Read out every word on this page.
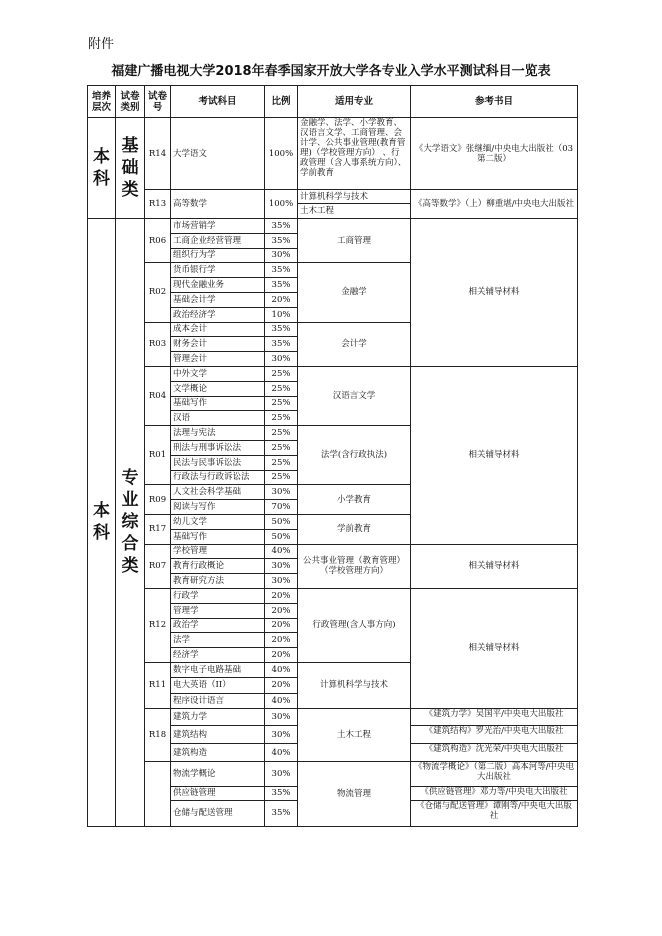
附件
福建广播电视大学2018年春季国家开放大学各专业入学水平测试科目一览表
培养层次	试卷类别	试卷号	考试科目	比例	适用专业	参考书目
本科	基础类	R14	大学语文	100%	金融学、法学、小学教育、汉语言文学、工商管理、会计学、公共事业管理(教育管理)（学校管理方向） 、行政管理（含人事系统方向）、学前教育	《大学语文》张继缅/中央电大出版社（03第二版）
		R13	高等数学	100%	计算机科学与技术	《高等数学》（上）柳重堪/中央电大出版社
					土木工程	
本科	专业综合类	R06	市场营销学	35%	工商管理	相关辅导材料
			工商企业经营管理	35%		
			组织行为学	30%		
		R02	货币银行学	35%	金融学	
			现代金融业务	35%		
			基础会计学	20%		
			政治经济学	10%		
		R03	成本会计	35%	会计学	
			财务会计	35%		
			管理会计	30%		
		R04	中外文学	25%	汉语言文学	相关辅导材料
			文学概论	25%		
			基础写作	25%		
			汉语	25%		
		R01	法理与宪法	25%	法学(含行政执法)	
			刑法与刑事诉讼法	25%		
			民法与民事诉讼法	25%		
			行政法与行政诉讼法	25%		
		R09	人文社会科学基础	30%	小学教育	
			阅读与写作	70%		
		R17	幼儿文学	50%	学前教育	
			基础写作	50%		
		R07	学校管理	40%	公共事业管理（教育管理）（学校管理方向）	相关辅导材料
			教育行政概论	30%		
			教育研究方法	30%		
		R12	行政学	20%	行政管理(含人事方向)	相关辅导材料
			管理学	20%		
			政治学	20%		
			法学	20%		
			经济学	20%		
		R11	数字电子电路基础	40%	计算机科学与技术	
			电大英语（II）	20%		
			程序设计语言	40%		
		R18	建筑力学	30%	土木工程	《建筑力学》吴国平/中央电大出版社

			建筑结构	30%		《建筑结构》罗光治/中央电大出版社

			建筑构造	40%		《建筑构造》沈光荣/中央电大出版社

			物流学概论	30%	物流管理	《物流学概论》（第二版）高本河等/中央电大出版社

			供应链管理	35%		《供应链管理》邓力等/中央电大出版社

			仓储与配送管理	35%		《仓储与配送管理》谭刚等/中央电大出版社
